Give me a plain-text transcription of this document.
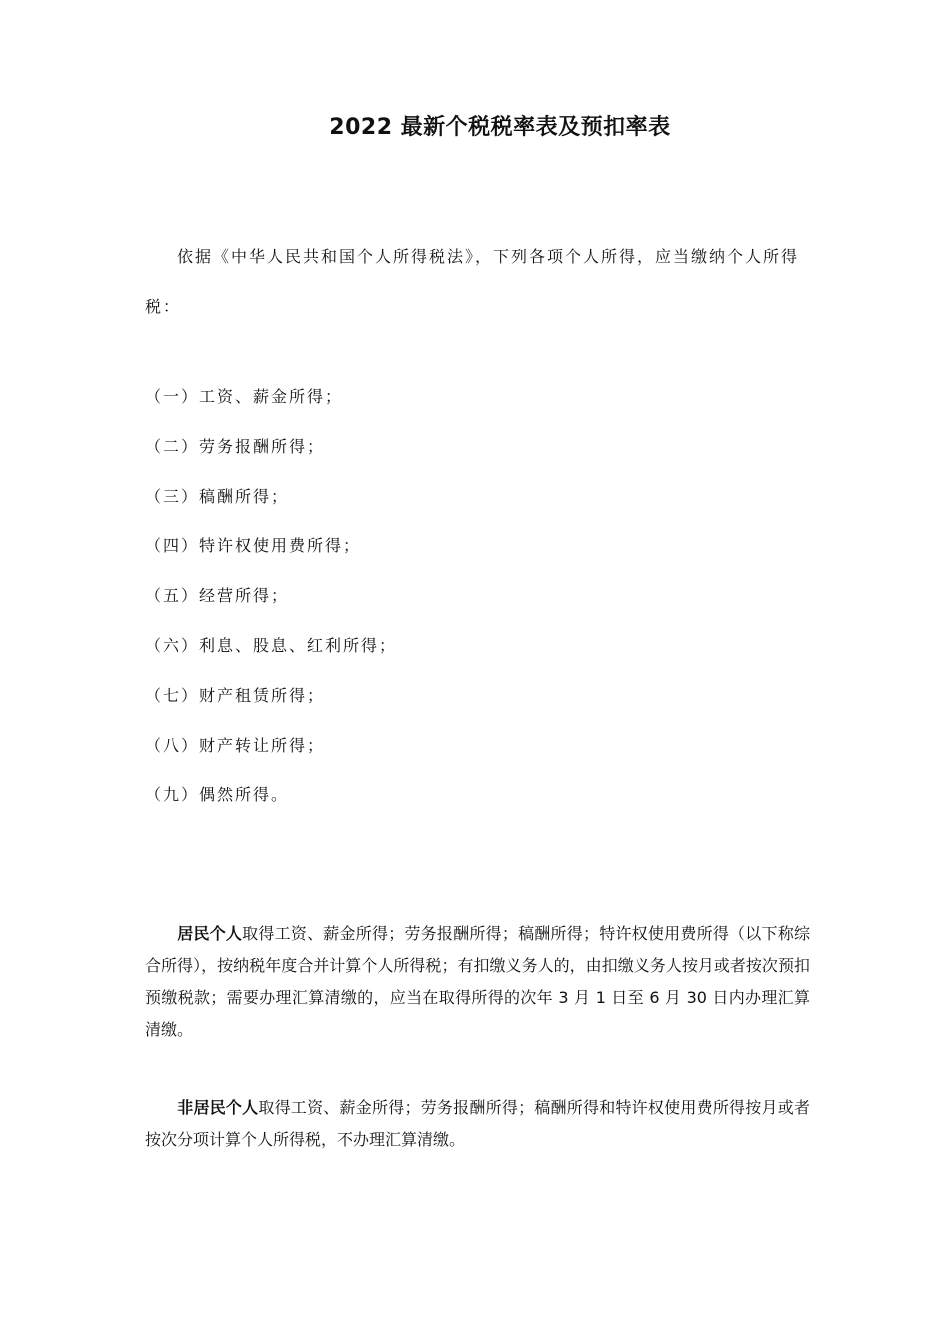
2022 最新个税税率表及预扣率表
依据《中华人民共和国个人所得税法》，下列各项个人所得，应当缴纳个人所得税：
（一）工资、薪金所得；
（二）劳务报酬所得；
（三）稿酬所得；
（四）特许权使用费所得；
（五）经营所得；
（六）利息、股息、红利所得；
（七）财产租赁所得；
（八）财产转让所得；
（九）偶然所得。
居民个人取得工资、薪金所得；劳务报酬所得；稿酬所得；特许权使用费所得（以下称综合所得），按纳税年度合并计算个人所得税；有扣缴义务人的，由扣缴义务人按月或者按次预扣预缴税款；需要办理汇算清缴的，应当在取得所得的次年 3 月 1 日至 6 月 30 日内办理汇算清缴。
非居民个人取得工资、薪金所得；劳务报酬所得；稿酬所得和特许权使用费所得按月或者按次分项计算个人所得税，不办理汇算清缴。
